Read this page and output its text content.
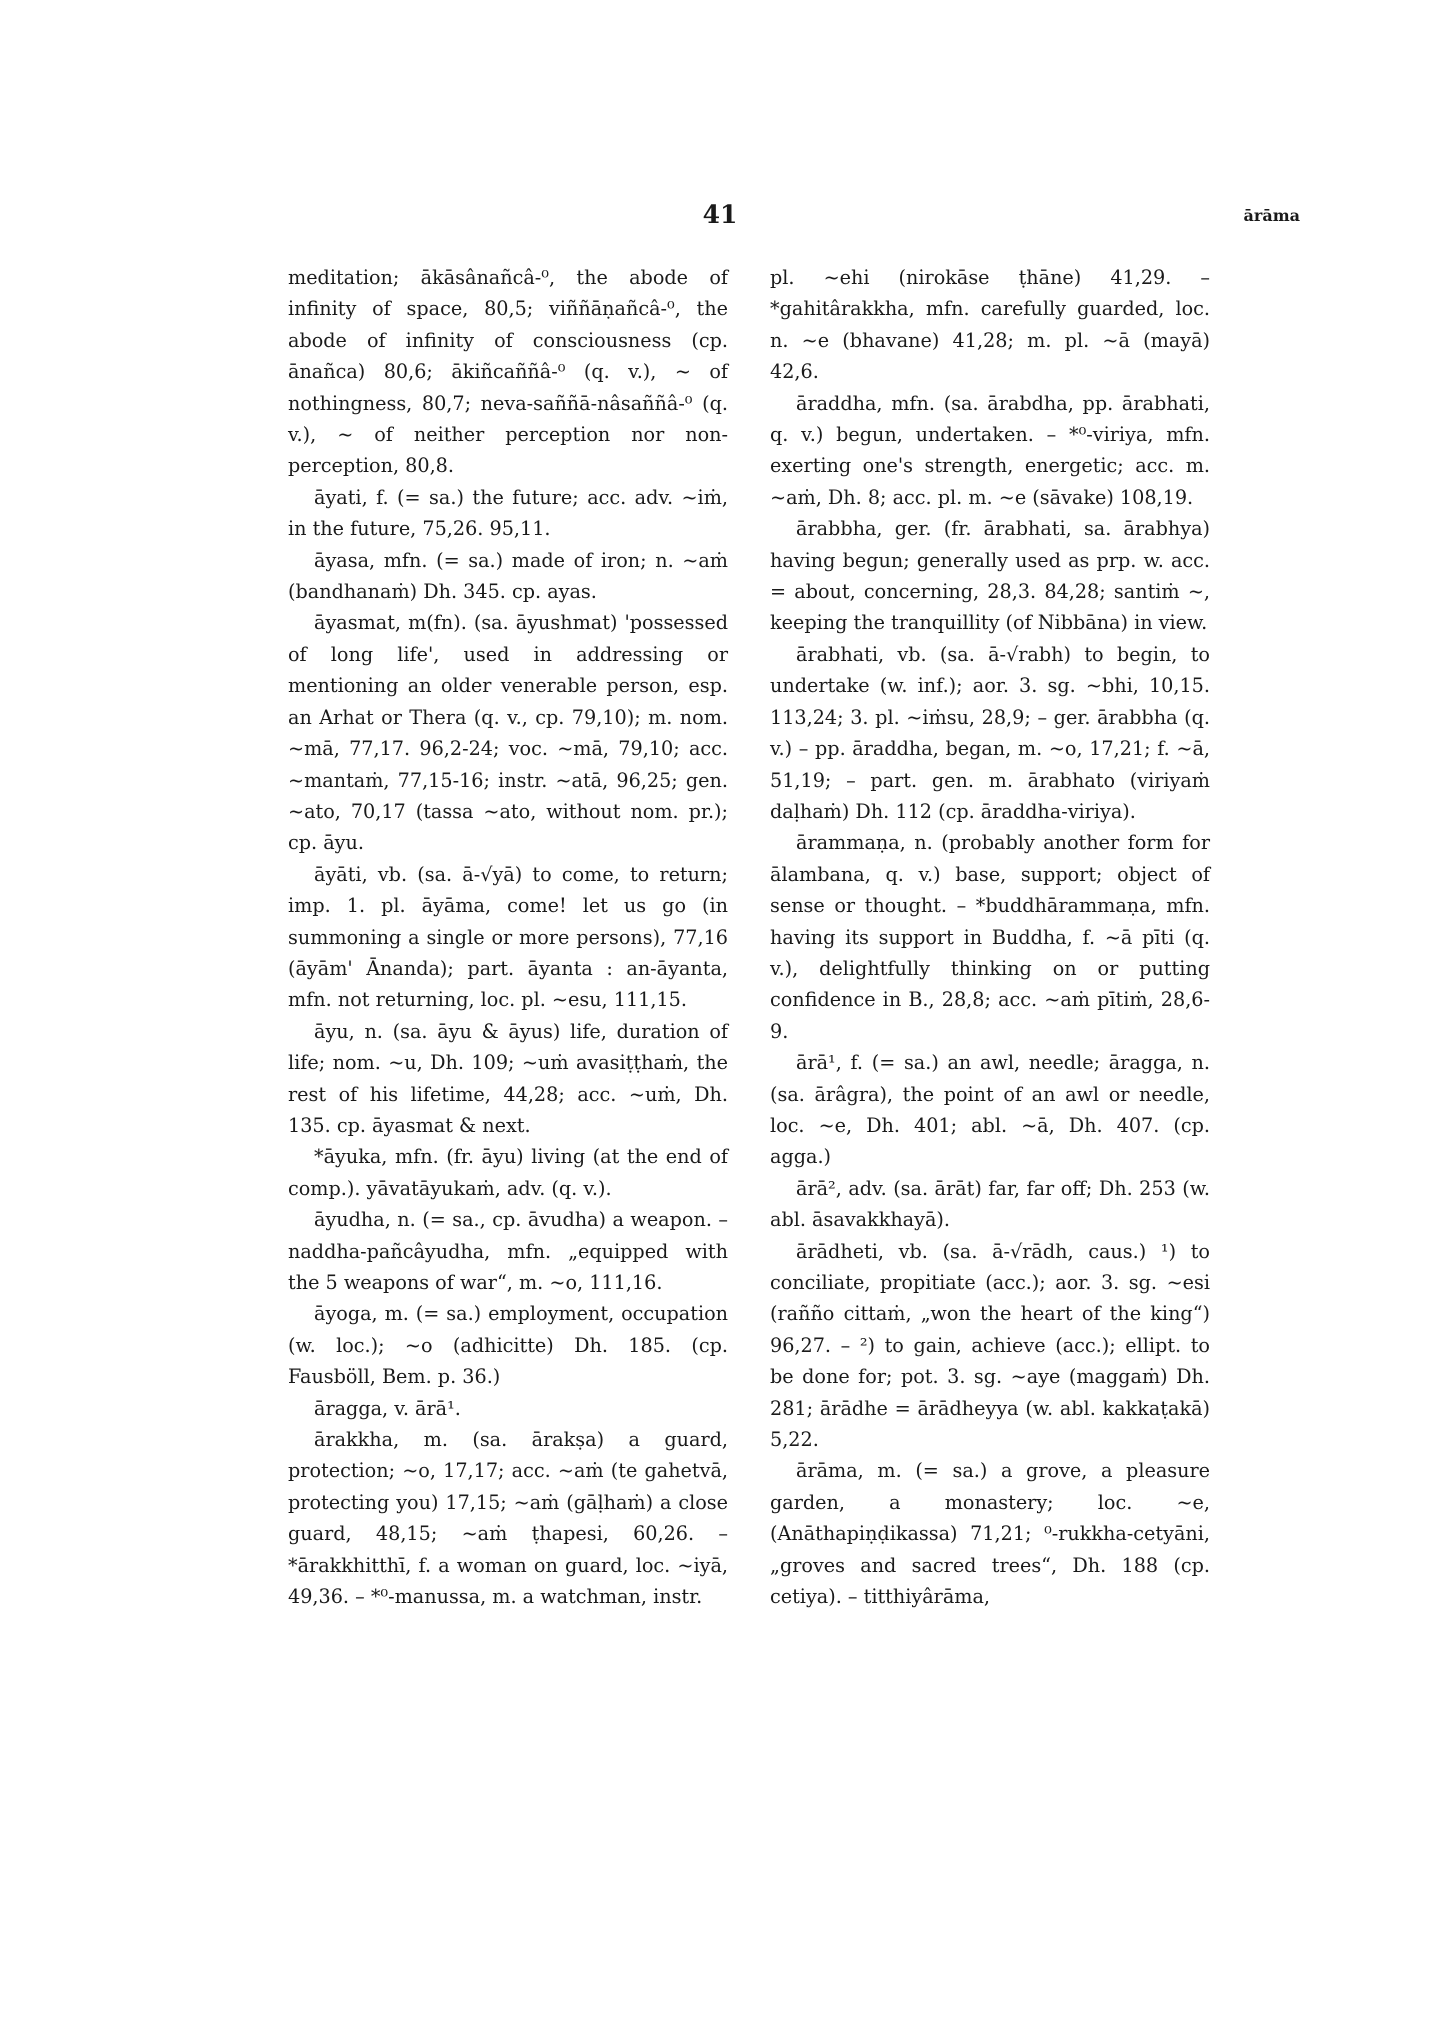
41	ārāma

meditation; ākāsânañcâ-⁰, the abode of infinity of space, 80,5; viññāṇañcâ-⁰, the abode of infinity of consciousness (cp. ānañca) 80,6; ākiñcaññâ-⁰ (q. v.), ~ of nothingness, 80,7; neva-saññā-nâsaññâ-⁰ (q. v.), ~ of neither perception nor non-perception, 80,8.

āyati, f. (= sa.) the future; acc. adv. ~iṁ, in the future, 75,26. 95,11.

āyasa, mfn. (= sa.) made of iron; n. ~aṁ (bandhanaṁ) Dh. 345. cp. ayas.

āyasmat, m(fn). (sa. āyushmat) 'possessed of long life', used in addressing or mentioning an older venerable person, esp. an Arhat or Thera (q. v., cp. 79,10); m. nom. ~mā, 77,17. 96,2-24; voc. ~mā, 79,10; acc. ~mantaṁ, 77,15-16; instr. ~atā, 96,25; gen. ~ato, 70,17 (tassa ~ato, without nom. pr.); cp. āyu.

āyāti, vb. (sa. ā-√yā) to come, to return; imp. 1. pl. āyāma, come! let us go (in summoning a single or more persons), 77,16 (āyām' Ānanda); part. āyanta : an-āyanta, mfn. not returning, loc. pl. ~esu, 111,15.

āyu, n. (sa. āyu & āyus) life, duration of life; nom. ~u, Dh. 109; ~uṁ avasiṭṭhaṁ, the rest of his lifetime, 44,28; acc. ~uṁ, Dh. 135. cp. āyasmat & next.

*āyuka, mfn. (fr. āyu) living (at the end of comp.). yāvatāyukaṁ, adv. (q. v.).

āyudha, n. (= sa., cp. āvudha) a weapon. – naddha-pañcâyudha, mfn. „equipped with the 5 weapons of war“, m. ~o, 111,16.

āyoga, m. (= sa.) employment, occupation (w. loc.); ~o (adhicitte) Dh. 185. (cp. Fausböll, Bem. p. 36.)

āragga, v. ārā¹.

ārakkha, m. (sa. ārakṣa) a guard, protection; ~o, 17,17; acc. ~aṁ (te gahetvā, protecting you) 17,15; ~aṁ (gāḷhaṁ) a close guard, 48,15; ~aṁ ṭhapesi, 60,26. – *ārakkhitthī, f. a woman on guard, loc. ~iyā, 49,36. – *⁰-manussa, m. a watchman, instr.

pl. ~ehi (nirokāse ṭhāne) 41,29. – *gahitârakkha, mfn. carefully guarded, loc. n. ~e (bhavane) 41,28; m. pl. ~ā (mayā) 42,6.

āraddha, mfn. (sa. ārabdha, pp. ārabhati, q. v.) begun, undertaken. – *⁰-viriya, mfn. exerting one's strength, energetic; acc. m. ~aṁ, Dh. 8; acc. pl. m. ~e (sāvake) 108,19.

ārabbha, ger. (fr. ārabhati, sa. ārabhya) having begun; generally used as prp. w. acc. = about, concerning, 28,3. 84,28; santiṁ ~, keeping the tranquillity (of Nibbāna) in view.

ārabhati, vb. (sa. ā-√rabh) to begin, to undertake (w. inf.); aor. 3. sg. ~bhi, 10,15. 113,24; 3. pl. ~iṁsu, 28,9; – ger. ārabbha (q. v.) – pp. āraddha, began, m. ~o, 17,21; f. ~ā, 51,19; – part. gen. m. ārabhato (viriyaṁ daḷhaṁ) Dh. 112 (cp. āraddha-viriya).

ārammaṇa, n. (probably another form for ālambana, q. v.) base, support; object of sense or thought. – *buddhārammaṇa, mfn. having its support in Buddha, f. ~ā pīti (q. v.), delightfully thinking on or putting confidence in B., 28,8; acc. ~aṁ pītiṁ, 28,6-9.

ārā¹, f. (= sa.) an awl, needle; āragga, n. (sa. ārâgra), the point of an awl or needle, loc. ~e, Dh. 401; abl. ~ā, Dh. 407. (cp. agga.)

ārā², adv. (sa. ārāt) far, far off; Dh. 253 (w. abl. āsavakkhayā).

ārādheti, vb. (sa. ā-√rādh, caus.) ¹) to conciliate, propitiate (acc.); aor. 3. sg. ~esi (rañño cittaṁ, „won the heart of the king“) 96,27. – ²) to gain, achieve (acc.); ellipt. to be done for; pot. 3. sg. ~aye (maggaṁ) Dh. 281; ārādhe = ārādheyya (w. abl. kakkaṭakā) 5,22.

ārāma, m. (= sa.) a grove, a pleasure garden, a monastery; loc. ~e, (Anāthapiṇḍikassa) 71,21; ⁰-rukkha-cetyāni, „groves and sacred trees“, Dh. 188 (cp. cetiya). – titthiyârāma,
